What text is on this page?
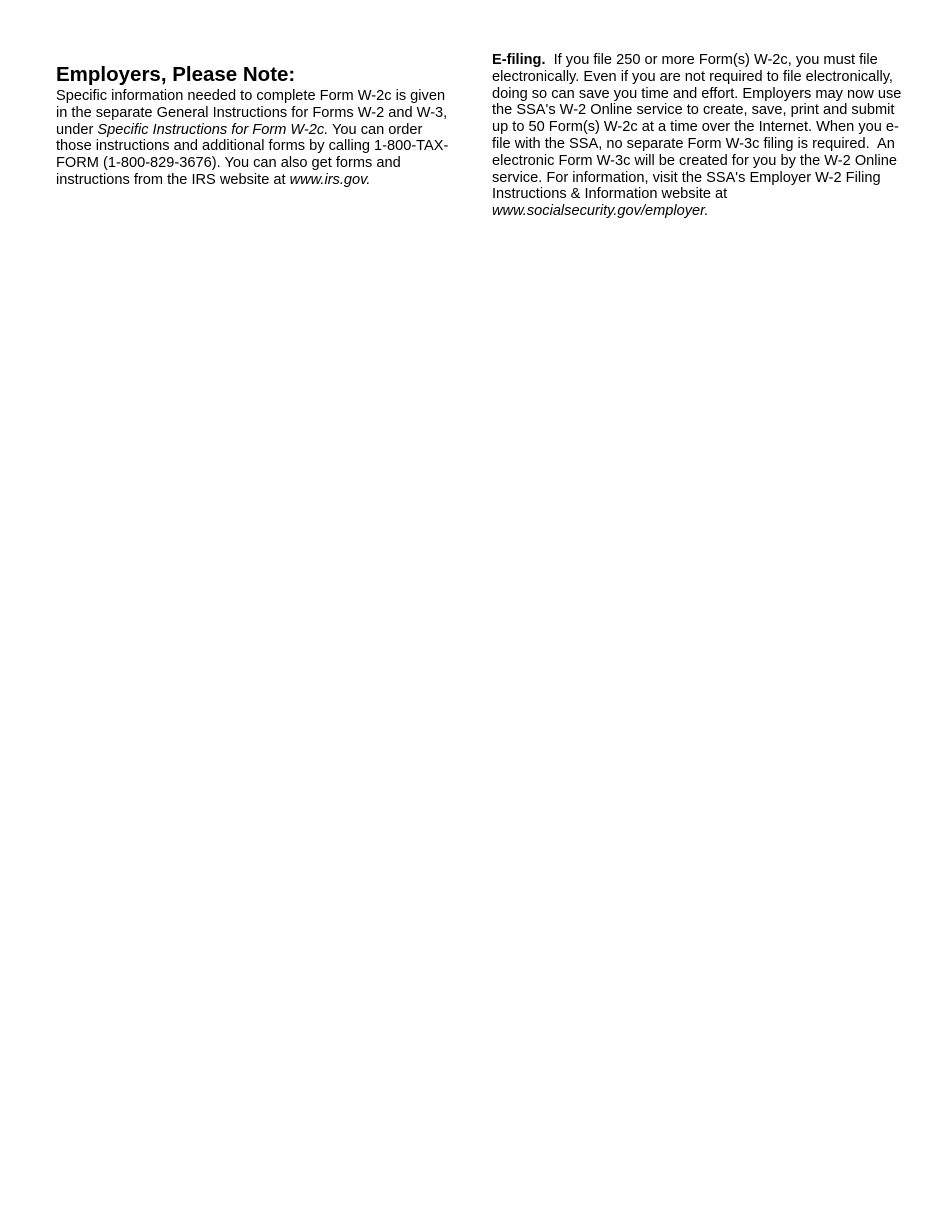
Employers, Please Note:

Specific information needed to complete Form W-2c is given in the separate General Instructions for Forms W-2 and W-3, under Specific Instructions for Form W-2c. You can order those instructions and additional forms by calling 1-800-TAX-FORM (1-800-829-3676). You can also get forms and instructions from the IRS website at www.irs.gov.

E-filing.  If you file 250 or more Form(s) W-2c, you must file electronically. Even if you are not required to file electronically, doing so can save you time and effort. Employers may now use the SSA's W-2 Online service to create, save, print and submit up to 50 Form(s) W-2c at a time over the Internet. When you e-file with the SSA, no separate Form W-3c filing is required.  An electronic Form W-3c will be created for you by the W-2 Online service. For information, visit the SSA's Employer W-2 Filing Instructions & Information website at www.socialsecurity.gov/employer.
